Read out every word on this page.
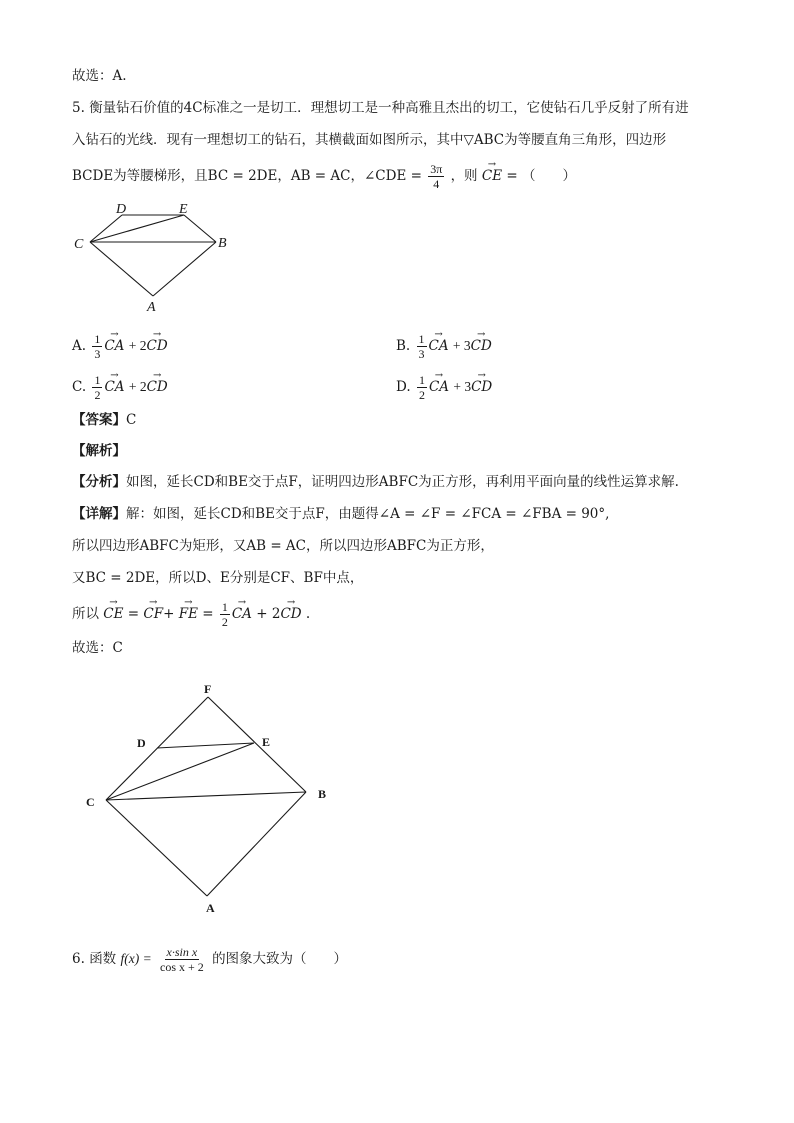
故选：A.
5. 衡量钻石价值的4C标准之一是切工．理想切工是一种高雅且杰出的切工，它使钻石几乎反射了所有进
入钻石的光线．现有一理想切工的钻石，其横截面如图所示，其中▽ABC为等腰直角三角形，四边形
BCDE为等腰梯形，且BC = 2DE，AB = AC，∠CDE = $\frac{3\pi}{4}$ ，则 → CE = （　　）
D	E
C	B
A
A. $\frac{1}{3}$ → CA + 2→ CD	B. $\frac{1}{3}$ → CA + 3→ CD
C. $\frac{1}{2}$ → CA + 2→ CD	D. $\frac{1}{2}$ → CA + 3→ CD
【答案】C
【解析】
【分析】如图，延长CD和BE交于点F，证明四边形ABFC为正方形，再利用平面向量的线性运算求解.
【详解】解：如图，延长CD和BE交于点F，由题得∠A = ∠F = ∠FCA = ∠FBA = 90°,
所以四边形ABFC为矩形，又AB = AC，所以四边形ABFC为正方形，
又BC = 2DE，所以D、E分别是CF、BF中点，
所以 → CE = → CF+ → FE = $\frac{1}{2}$ → CA + 2→ CD .
故选：C
F
D	E
C
B
A
6. 函数 $f(x) = \frac{\text{x·sin x}}{\text{cos x + 2}}$ 的图象大致为（　　）
